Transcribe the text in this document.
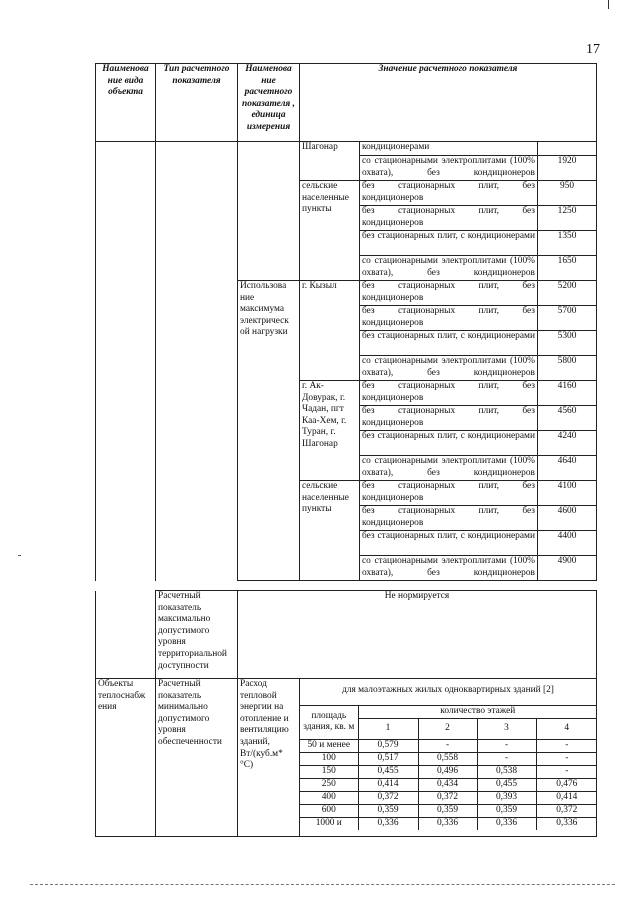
17
Наименова ние вида объекта	Тип расчетного показателя	Наименова ние расчетного показателя , единица измерения	Значение расчетного показателя		
			Шагонар	кондиционерами	
				со стационарными электроплитами (100% охвата), без кондиционеров	1920
			сельские населенные пункты	без стационарных плит, без кондиционеров	950
				без стационарных плит, без кондиционеров	1250
				без стационарных плит, с кондиционерами	1350
				со стационарными электроплитами (100% охвата), без кондиционеров	1650
		Использова ние максимума электрическ ой нагрузки	г. Кызыл	без стационарных плит, без кондиционеров	5200
				без стационарных плит, без кондиционеров	5700
				без стационарных плит, с кондиционерами	5300
				со стационарными электроплитами (100% охвата), без кондиционеров	5800
			г. Ак-Довурак, г. Чадан, пгт Каа-Хем, г. Туран, г. Шагонар	без стационарных плит, без кондиционеров	4160
				без стационарных плит, без кондиционеров	4560
				без стационарных плит, с кондиционерами	4240
				со стационарными электроплитами (100% охвата), без кондиционеров	4640
			сельские населенные пункты	без стационарных плит, без кондиционеров	4100
				без стационарных плит, без кондиционеров	4600
				без стационарных плит, с кондиционерами	4400
				со стационарными электроплитами (100% охвата), без кондиционеров	4900
	Расчетный показатель максимально допустимого уровня территориальной доступности	Не нормируется
Объекты теплоснабж ения	Расчетный показатель минимально допустимого уровня обеспеченности	Расход тепловой энергии на отопление и вентиляцию зданий, Вт/(куб.м* °C)	
для малоэтажных жилых одноквартирных зданий [2]
площадь здания, кв. м	количество этажей
1	2	3	4
50 и менее	0,579	-	-	-
100	0,517	0,558	-	-
150	0,455	0,496	0,538	-
250	0,414	0,434	0,455	0,476
400	0,372	0,372	0,393	0,414
600	0,359	0,359	0,359	0,372
1000 и	0,336	0,336	0,336	0,336
